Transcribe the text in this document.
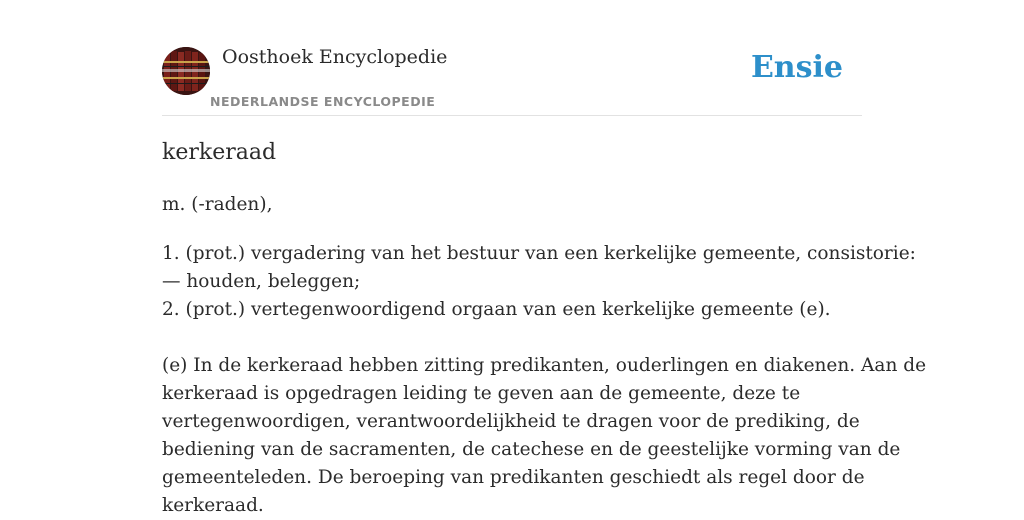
Oosthoek Encyclopedie
NEDERLANDSE ENCYCLOPEDIE
Ensie
kerkeraad
m. (-raden),
1. (prot.) vergadering van het bestuur van een kerkelijke gemeente, consistorie:
— houden, beleggen;
2. (prot.) vertegenwoordigend orgaan van een kerkelijke gemeente (e).
(e) In de kerkeraad hebben zitting predikanten, ouderlingen en diakenen. Aan de
kerkeraad is opgedragen leiding te geven aan de gemeente, deze te
vertegenwoordigen, verantwoordelijkheid te dragen voor de prediking, de
bediening van de sacramenten, de catechese en de geestelijke vorming van de
gemeenteleden. De beroeping van predikanten geschiedt als regel door de
kerkeraad.
